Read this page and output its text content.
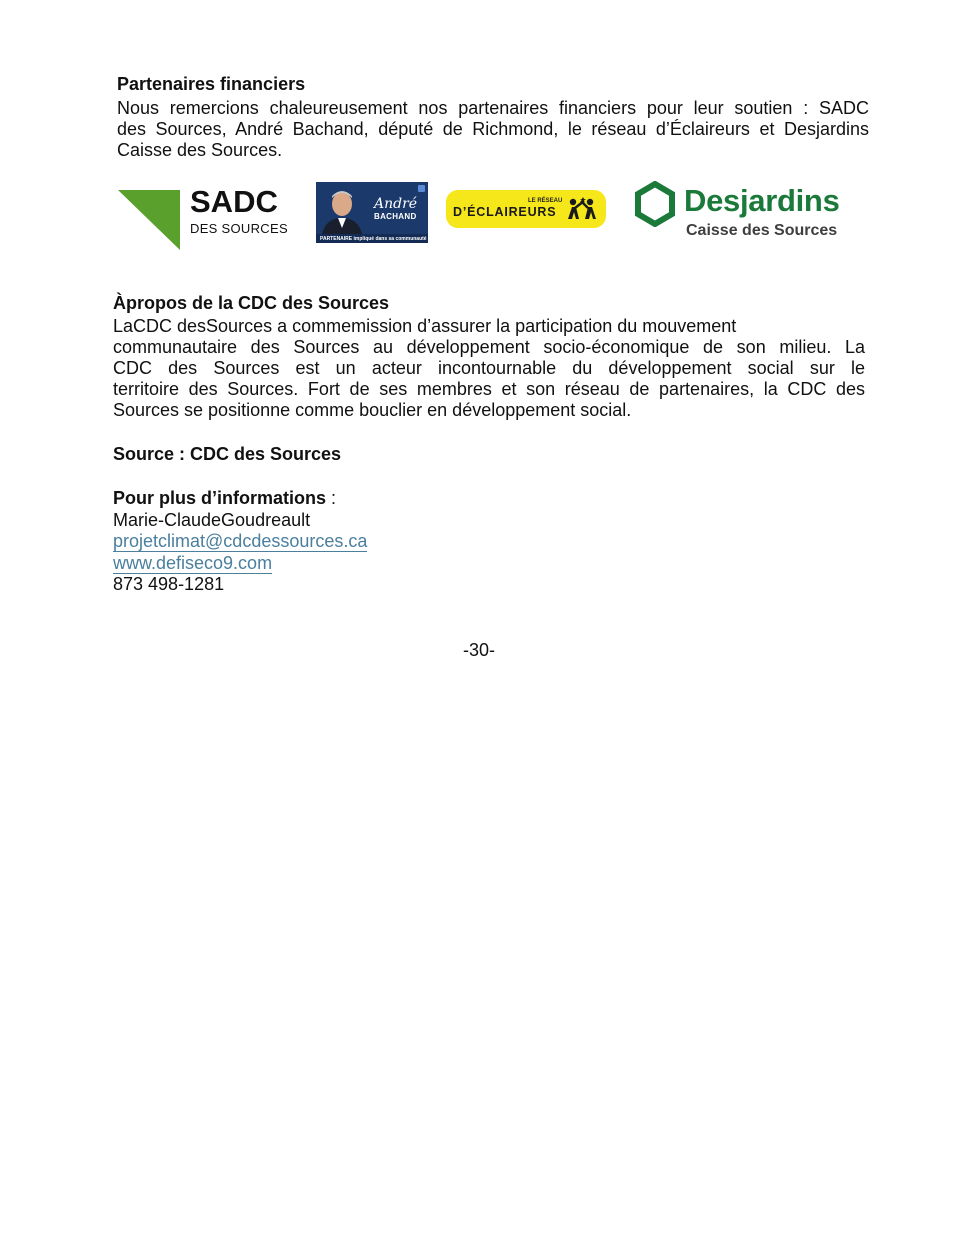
Partenaires financiers
Nous remercions chaleureusement nos partenaires financiers pour leur soutien : SADC
des Sources, André Bachand, député de Richmond, le réseau d’Éclaireurs et Desjardins
Caisse des Sources.
SADC
DES SOURCES
André
BACHAND
PARTENAIRE impliqué dans sa communauté
LE RÉSEAU
D’ÉCLAIREURS	Desjardins
Caisse des Sources
Àpropos de la CDC des Sources
LaCDC desSources a commemission d’assurer la participation du mouvement
communautaire des Sources au développement socio-économique de son milieu. La
CDC des Sources est un acteur incontournable du développement social sur le
territoire des Sources. Fort de ses membres et son réseau de partenaires, la CDC des
Sources se positionne comme bouclier en développement social.
Source : CDC des Sources
Pour plus d’informations :
Marie-ClaudeGoudreault
projetclimat@cdcdessources.ca
www.defiseco9.com
873 498-1281
-30-
